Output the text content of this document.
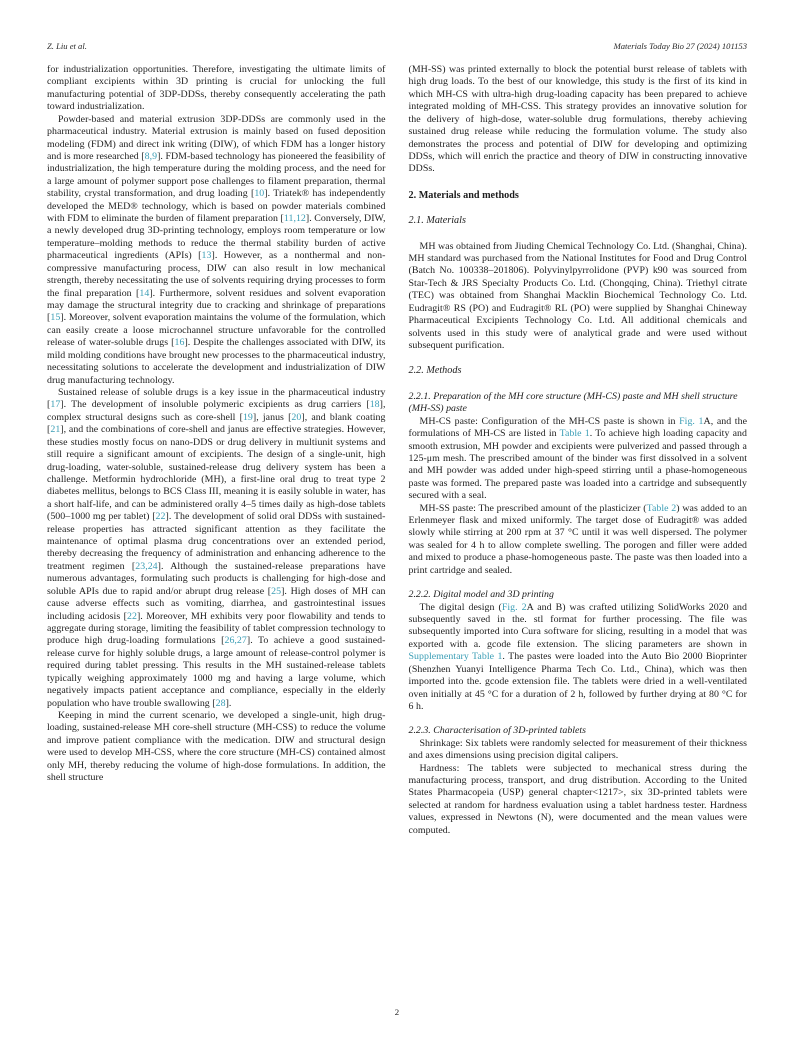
Z. Liu et al.	Materials Today Bio 27 (2024) 101153

for industrialization opportunities. Therefore, investigating the ultimate limits of compliant excipients within 3D printing is crucial for unlocking the full manufacturing potential of 3DP-DDSs, thereby consequently accelerating the path toward industrialization.

Powder-based and material extrusion 3DP-DDSs are commonly used in the pharmaceutical industry. Material extrusion is mainly based on fused deposition modeling (FDM) and direct ink writing (DIW), of which FDM has a longer history and is more researched [8,9]. FDM-based technology has pioneered the feasibility of industrialization, the high temperature during the molding process, and the need for a large amount of polymer support pose challenges to filament preparation, thermal stability, crystal transformation, and drug loading [10]. Triatek® has independently developed the MED® technology, which is based on powder materials combined with FDM to eliminate the burden of filament preparation [11,12]. Conversely, DIW, a newly developed drug 3D-printing technology, employs room temperature or low temperature–molding methods to reduce the thermal stability burden of active pharmaceutical ingredients (APIs) [13]. However, as a nonthermal and non-compressive manufacturing process, DIW can also result in low mechanical strength, thereby necessitating the use of solvents requiring drying processes to form the final preparation [14]. Furthermore, solvent residues and solvent evaporation may damage the structural integrity due to cracking and shrinkage of preparations [15]. Moreover, solvent evaporation maintains the volume of the formulation, which can easily create a loose microchannel structure unfavorable for the controlled release of water-soluble drugs [16]. Despite the challenges associated with DIW, its mild molding conditions have brought new processes to the pharmaceutical industry, necessitating solutions to accelerate the development and industrialization of DIW drug manufacturing technology.

Sustained release of soluble drugs is a key issue in the pharmaceutical industry [17]. The development of insoluble polymeric excipients as drug carriers [18], complex structural designs such as core-shell [19], janus [20], and blank coating [21], and the combinations of core-shell and janus are effective strategies. However, these studies mostly focus on nano-DDS or drug delivery in multiunit systems and still require a significant amount of excipients. The design of a single-unit, high drug-loading, water-soluble, sustained-release drug delivery system has been a challenge. Metformin hydrochloride (MH), a first-line oral drug to treat type 2 diabetes mellitus, belongs to BCS Class III, meaning it is easily soluble in water, has a short half-life, and can be administered orally 4–5 times daily as high-dose tablets (500–1000 mg per tablet) [22]. The development of solid oral DDSs with sustained-release properties has attracted significant attention as they facilitate the maintenance of optimal plasma drug concentrations over an extended period, thereby decreasing the frequency of administration and enhancing adherence to the treatment regimen [23,24]. Although the sustained-release preparations have numerous advantages, formulating such products is challenging for high-dose and soluble APIs due to rapid and/or abrupt drug release [25]. High doses of MH can cause adverse effects such as vomiting, diarrhea, and gastrointestinal issues including acidosis [22]. Moreover, MH exhibits very poor flowability and tends to aggregate during storage, limiting the feasibility of tablet compression technology to produce high drug-loading formulations [26,27]. To achieve a good sustained-release curve for highly soluble drugs, a large amount of release-control polymer is required during tablet pressing. This results in the MH sustained-release tablets typically weighing approximately 1000 mg and having a large volume, which negatively impacts patient acceptance and compliance, especially in the elderly population who have trouble swallowing [28].

Keeping in mind the current scenario, we developed a single-unit, high drug-loading, sustained-release MH core-shell structure (MH-CSS) to reduce the volume and improve patient compliance with the medication. DIW and structural design were used to develop MH-CSS, where the core structure (MH-CS) contained almost only MH, thereby reducing the volume of high-dose formulations. In addition, the shell structure

(MH-SS) was printed externally to block the potential burst release of tablets with high drug loads. To the best of our knowledge, this study is the first of its kind in which MH-CS with ultra-high drug-loading capacity has been prepared to achieve integrated molding of MH-CSS. This strategy provides an innovative solution for the delivery of high-dose, water-soluble drug formulations, thereby achieving sustained drug release while reducing the formulation volume. The study also demonstrates the process and potential of DIW for developing and optimizing DDSs, which will enrich the practice and theory of DIW in constructing innovative DDSs.

2. Materials and methods
2.1. Materials

MH was obtained from Jiuding Chemical Technology Co. Ltd. (Shanghai, China). MH standard was purchased from the National Institutes for Food and Drug Control (Batch No. 100338–201806). Polyvinylpyrrolidone (PVP) k90 was sourced from Star-Tech & JRS Specialty Products Co. Ltd. (Chongqing, China). Triethyl citrate (TEC) was obtained from Shanghai Macklin Biochemical Technology Co. Ltd. Eudragit® RS (PO) and Eudragit® RL (PO) were supplied by Shanghai Chineway Pharmaceutical Excipients Technology Co. Ltd. All additional chemicals and solvents used in this study were of analytical grade and were used without subsequent purification.

2.2. Methods
2.2.1. Preparation of the MH core structure (MH-CS) paste and MH shell structure (MH-SS) paste

MH-CS paste: Configuration of the MH-CS paste is shown in Fig. 1A, and the formulations of MH-CS are listed in Table 1. To achieve high loading capacity and smooth extrusion, MH powder and excipients were pulverized and passed through a 125-μm mesh. The prescribed amount of the binder was first dissolved in a solvent and MH powder was added under high-speed stirring until a phase-homogeneous paste was formed. The prepared paste was loaded into a cartridge and subsequently secured with a seal.

MH-SS paste: The prescribed amount of the plasticizer (Table 2) was added to an Erlenmeyer flask and mixed uniformly. The target dose of Eudragit® was added slowly while stirring at 200 rpm at 37 °C until it was well dispersed. The polymer was sealed for 4 h to allow complete swelling. The porogen and filler were added and mixed to produce a phase-homogeneous paste. The paste was then loaded into a print cartridge and sealed.

2.2.2. Digital model and 3D printing

The digital design (Fig. 2A and B) was crafted utilizing SolidWorks 2020 and subsequently saved in the. stl format for further processing. The file was subsequently imported into Cura software for slicing, resulting in a model that was exported with a. gcode file extension. The slicing parameters are shown in Supplementary Table 1. The pastes were loaded into the Auto Bio 2000 Bioprinter (Shenzhen Yuanyi Intelligence Pharma Tech Co. Ltd., China), which was then imported into the. gcode extension file. The tablets were dried in a well-ventilated oven initially at 45 °C for a duration of 2 h, followed by further drying at 80 °C for 6 h.

2.2.3. Characterisation of 3D-printed tablets

Shrinkage: Six tablets were randomly selected for measurement of their thickness and axes dimensions using precision digital calipers.

Hardness: The tablets were subjected to mechanical stress during the manufacturing process, transport, and drug distribution. According to the United States Pharmacopeia (USP) general chapter<1217>, six 3D-printed tablets were selected at random for hardness evaluation using a tablet hardness tester. Hardness values, expressed in Newtons (N), were documented and the mean values were computed.

2
